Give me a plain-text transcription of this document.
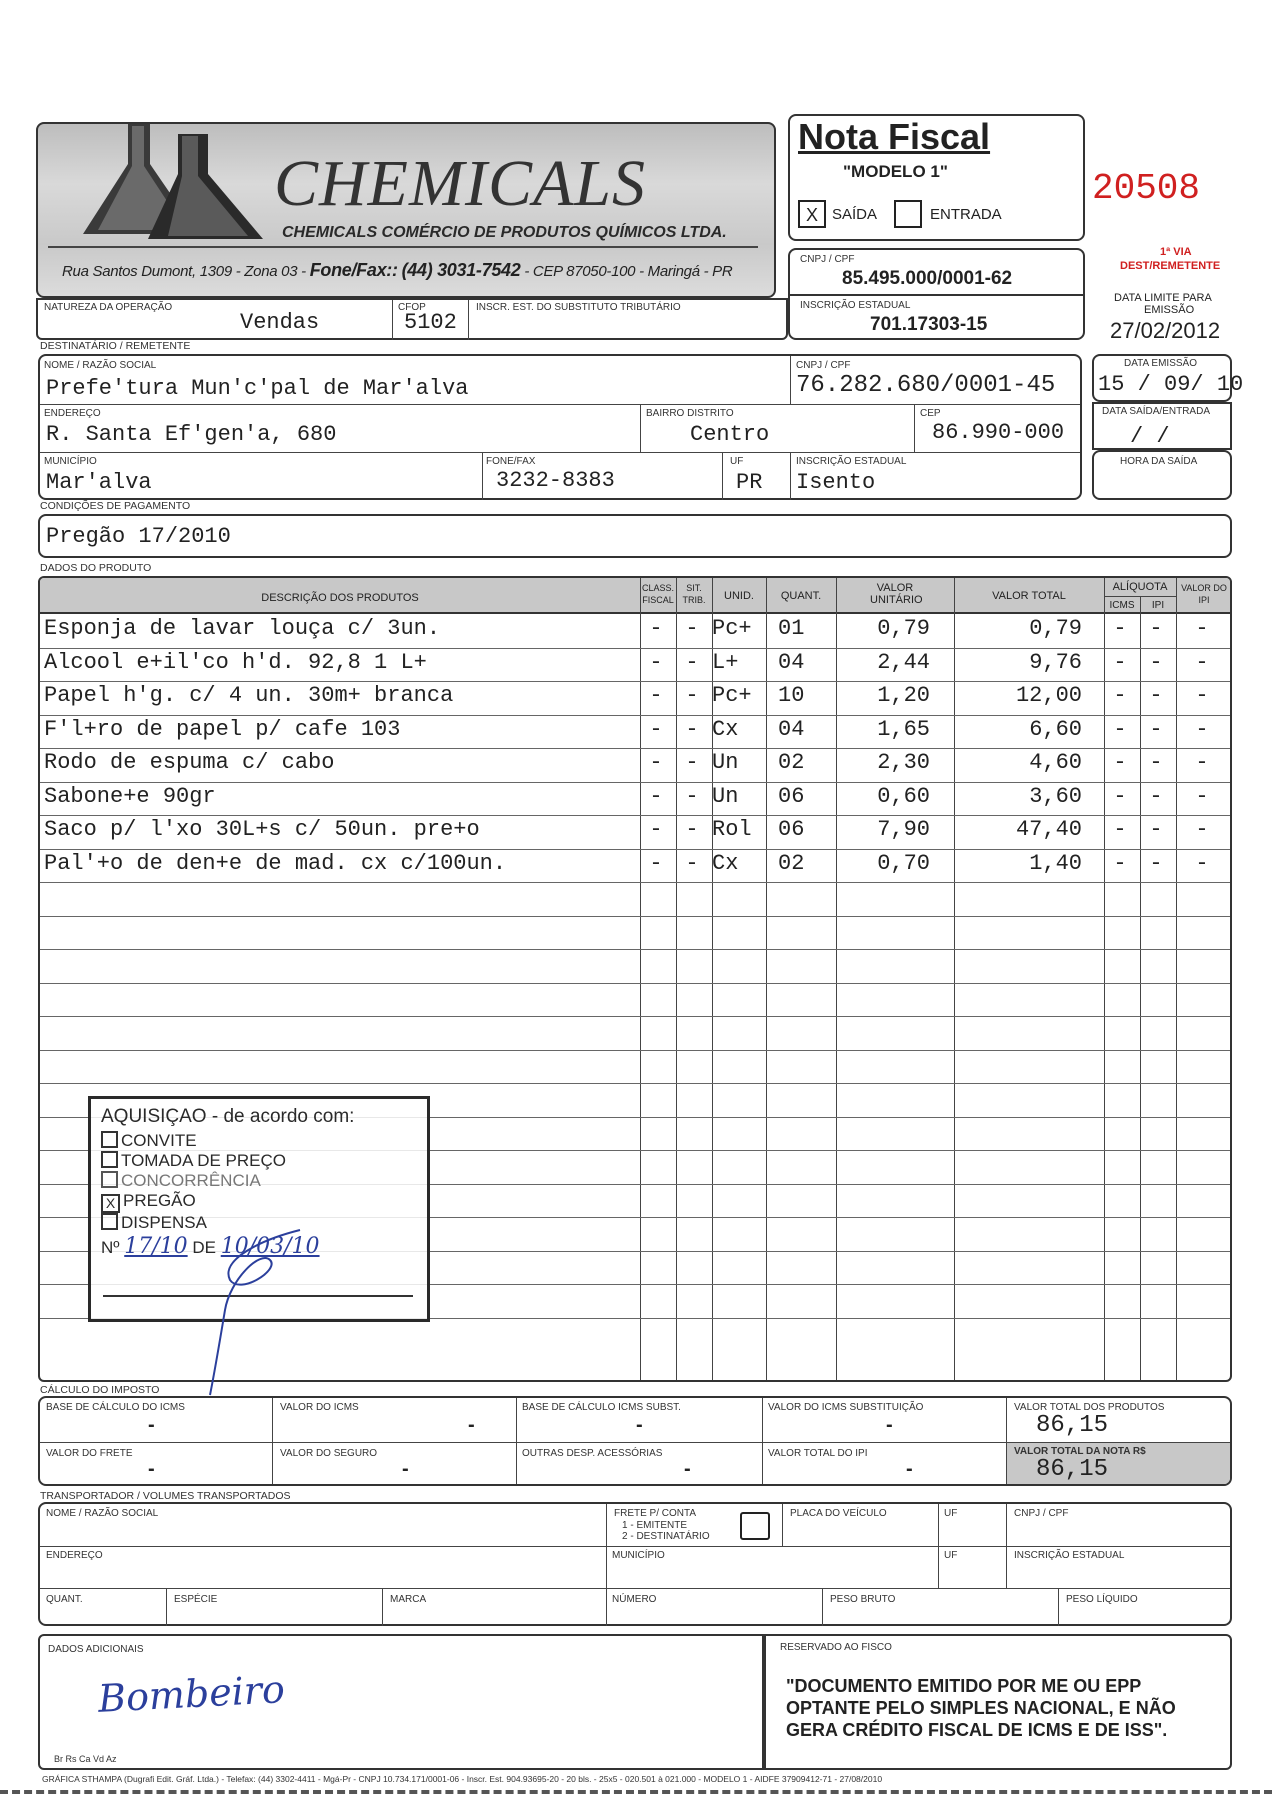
CHEMICALS
CHEMICALS COMÉRCIO DE PRODUTOS QUÍMICOS LTDA.
Rua Santos Dumont, 1309 - Zona 03 - Fone/Fax:: (44) 3031-7542 - CEP 87050-100 - Maringá - PR
Nota Fiscal
"MODELO 1"
X SAÍDA	ENTRADA
20508
1ª VIA
DEST/REMETENTE
DATA LIMITE PARA
EMISSÃO
27/02/2012
CNPJ / CPF
85.495.000/0001-62
INSCRIÇÃO ESTADUAL
701.17303-15
NATUREZA DA OPERAÇÃO
Vendas
CFOP
5102
INSCR. EST. DO SUBSTITUTO TRIBUTÁRIO
DESTINATÁRIO / REMETENTE
NOME / RAZÃO SOCIAL
Prefe'tura Mun'c'pal de Mar'alva
CNPJ / CPF
76.282.680/0001-45
ENDEREÇO
R. Santa Ef'gen'a, 680
BAIRRO DISTRITO
Centro
CEP
86.990-000
MUNICÍPIO
Mar'alva
FONE/FAX
3232-8383
UF
PR
INSCRIÇÃO ESTADUAL
Isento
DATA EMISSÃO
15 / 09/ 10
DATA SAÍDA/ENTRADA
/ /
HORA DA SAÍDA
CONDIÇÕES DE PAGAMENTO
Pregão 17/2010
DADOS DO PRODUTO
DESCRIÇÃO DOS PRODUTOS
CLASS. FISCAL
SIT. TRIB.	UNID.	QUANT.
VALOR UNITÁRIO	VALOR TOTAL
ALÍQUOTA
ICMS	IPI
VALOR DO IPI
Esponja de lavar louça c/ 3un.	-	- Pc+	01	0,79	0,79	-	-	-
Alcool e+il'co h'd. 92,8 1 L+	-	- L+	04	2,44	9,76	-	-	-
Papel h'g. c/ 4 un. 30m+ branca	-	- Pc+	10	1,20	12,00	-	-	-
F'l+ro de papel p/ cafe 103	-	- Cx	04	1,65	6,60	-	-	-
Rodo de espuma c/ cabo	-	- Un	02	2,30	4,60	-	-	-
Sabone+e 90gr	-	- Un	06	0,60	3,60	-	-	-
Saco p/ l'xo 30L+s c/ 50un. pre+o	-	- Rol	06	7,90	47,40	-	-	-
Pal'+o de den+e de mad. cx c/100un.	-	- Cx	02	0,70	1,40	-	-	-
AQUISIÇAO - de acordo com:
CONVITE
TOMADA DE PREÇO
CONCORRÊNCIA
X PREGÃO
DISPENSA
Nº 17/10 DE 10/03/10
CÁLCULO DO IMPOSTO
BASE DE CÁLCULO DO ICMS
-
VALOR DO ICMS
-
BASE DE CÁLCULO ICMS SUBST.
-
VALOR DO ICMS SUBSTITUIÇÃO
-
VALOR TOTAL DOS PRODUTOS
86,15
VALOR DO FRETE
-
VALOR DO SEGURO
-
OUTRAS DESP. ACESSÓRIAS
-
VALOR TOTAL DO IPI
-
VALOR TOTAL DA NOTA R$
86,15
TRANSPORTADOR / VOLUMES TRANSPORTADOS
NOME / RAZÃO SOCIAL	FRETE P/ CONTA
1 - EMITENTE
2 - DESTINATÁRIO
PLACA DO VEÍCULO	UF	CNPJ / CPF
ENDEREÇO	MUNICÍPIO	UF	INSCRIÇÃO ESTADUAL
QUANT.	ESPÉCIE	MARCA	NÚMERO	PESO BRUTO	PESO LÍQUIDO
DADOS ADICIONAIS
Bombeiro
Br Rs Ca Vd Az
RESERVADO AO FISCO
"DOCUMENTO EMITIDO POR ME OU EPP
OPTANTE PELO SIMPLES NACIONAL, E NÃO
GERA CRÉDITO FISCAL DE ICMS E DE ISS".
GRÁFICA STHAMPA (Dugrafi Edit. Gráf. Ltda.) - Telefax: (44) 3302-4411 - Mgá-Pr - CNPJ 10.734.171/0001-06 - Inscr. Est. 904.93695-20 - 20 bls. - 25x5 - 020.501 à 021.000 - MODELO 1 - AIDFE 37909412-71 - 27/08/2010
